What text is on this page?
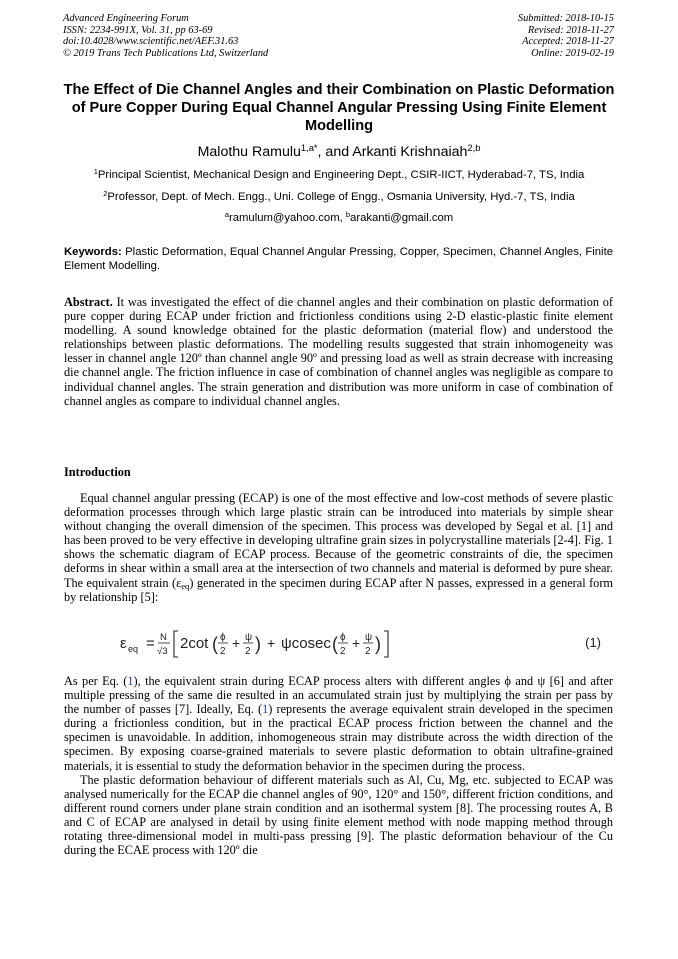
Advanced Engineering Forum
ISSN: 2234-991X, Vol. 31, pp 63-69
doi:10.4028/www.scientific.net/AEF.31.63
© 2019 Trans Tech Publications Ltd, Switzerland
Submitted: 2018-10-15
Revised: 2018-11-27
Accepted: 2018-11-27
Online: 2019-02-19
The Effect of Die Channel Angles and their Combination on Plastic Deformation of Pure Copper During Equal Channel Angular Pressing Using Finite Element Modelling
Malothu Ramulu$^{1,a*}$, and Arkanti Krishnaiah$^{2,b}$
$^1$Principal Scientist, Mechanical Design and Engineering Dept., CSIR-IICT, Hyderabad-7, TS, India
$^2$Professor, Dept. of Mech. Engg., Uni. College of Engg., Osmania University, Hyd.-7, TS, India
$^a$ramulum@yahoo.com, $^b$arakanti@gmail.com
Keywords: Plastic Deformation, Equal Channel Angular Pressing, Copper, Specimen, Channel Angles, Finite Element Modelling.

Abstract. It was investigated the effect of die channel angles and their combination on plastic deformation of pure copper during ECAP under friction and frictionless conditions using 2-D elastic-plastic finite element modelling. A sound knowledge obtained for the plastic deformation (material flow) and understood the relationships between plastic deformations. The modelling results suggested that strain inhomogeneity was lesser in channel angle 120º than channel angle 90º and pressing load as well as strain decrease with increasing die channel angle. The friction influence in case of combination of channel angles was negligible as compare to individual channel angles. The strain generation and distribution was more uniform in case of combination of channel angles as compare to individual channel angles.

Introduction

Equal channel angular pressing (ECAP) is one of the most effective and low-cost methods of severe plastic deformation processes through which large plastic strain can be introduced into materials by simple shear without changing the overall dimension of the specimen. This process was developed by Segal et al. [1] and has been proved to be very effective in developing ultrafine grain sizes in polycrystalline materials [2-4]. Fig. 1 shows the schematic diagram of ECAP process. Because of the geometric constraints of die, the specimen deforms in shear within a small area at the intersection of two channels and material is deformed by pure shear. The equivalent strain $(\varepsilon_{eq})$ generated in the specimen during ECAP after N passes, expressed in a general form by relationship [5]:

ε eq = N
√3 2cot ( ϕ
2
+ ψ
2 ) + ψcosec ( ϕ
2
+ ψ
2 )	(1)

As per Eq. (1), the equivalent strain during ECAP process alters with different angles ϕ and ψ [6] and after multiple pressing of the same die resulted in an accumulated strain just by multiplying the strain per pass by the number of passes [7]. Ideally, Eq. (1) represents the average equivalent strain developed in the specimen during a frictionless condition, but in the practical ECAP process friction between the channel and the specimen is unavoidable. In addition, inhomogeneous strain may distribute across the width direction of the specimen. By exposing coarse-grained materials to severe plastic deformation to obtain ultrafine-grained materials, it is essential to study the deformation behavior in the specimen during the process.

The plastic deformation behaviour of different materials such as Al, Cu, Mg, etc. subjected to ECAP was analysed numerically for the ECAP die channel angles of 90°, 120° and 150°, different friction conditions, and different round corners under plane strain condition and an isothermal system [8]. The processing routes A, B and C of ECAP are analysed in detail by using finite element method with node mapping method through rotating three-dimensional model in multi-pass pressing [9]. The plastic deformation behaviour of the Cu during the ECAE process with 120º die
